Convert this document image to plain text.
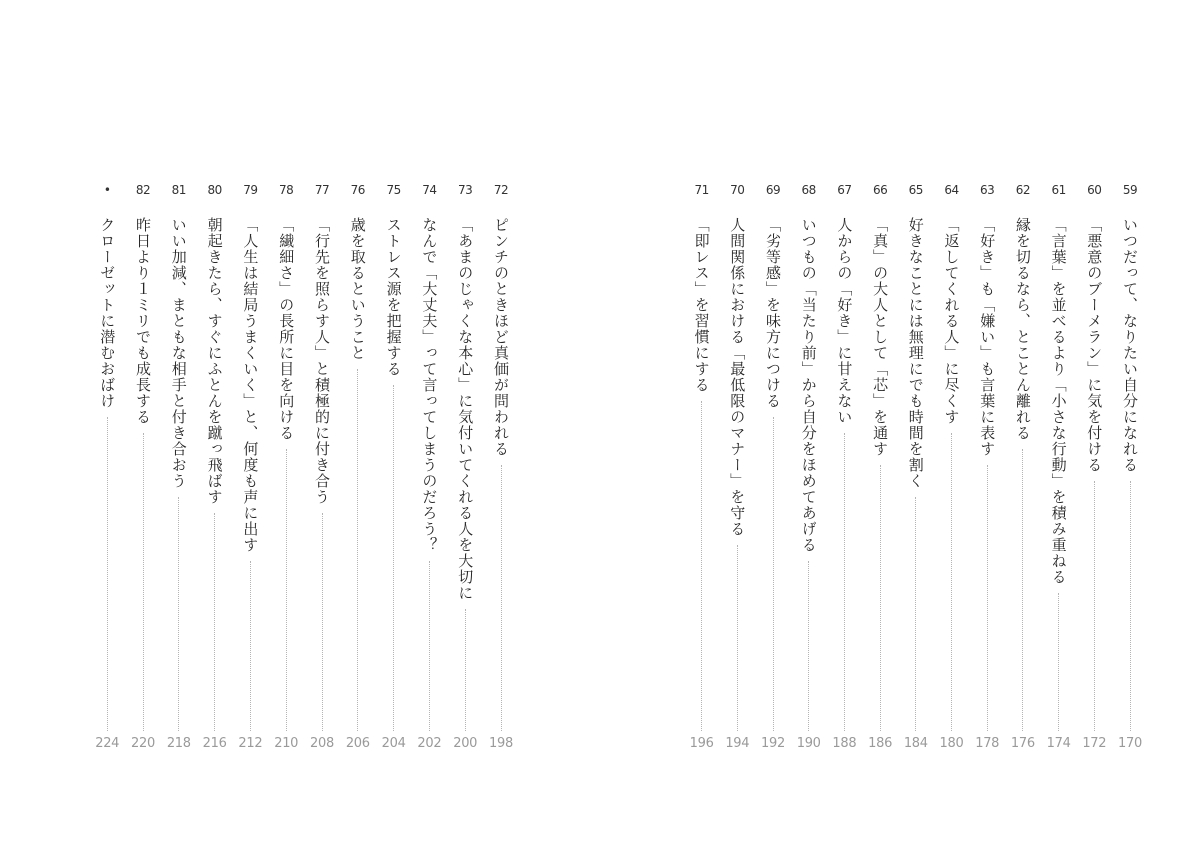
72
ピンチのときほど真価が問われる
198
73
「あまのじゃくな本心」に気付いてくれる人を大切に
200
74
なんで「大丈夫」って言ってしまうのだろう？
202
75
ストレス源を把握する
204
76
歳を取るということ
206
77
「行先を照らす人」と積極的に付き合う
208
78
「繊細さ」の長所に目を向ける
210
79
「人生は結局うまくいく」と、何度も声に出す
212
80
朝起きたら、すぐにふとんを蹴っ飛ばす
216
81
いい加減、まともな相手と付き合おう
218
82
昨日より１ミリでも成長する
220
•
クローゼットに潜むおばけ
224
59
いつだって、なりたい自分になれる
170
60
「悪意のブーメラン」に気を付ける
172
61
「言葉」を並べるより「小さな行動」を積み重ねる
174
62
縁を切るなら、とことん離れる
176
63
「好き」も「嫌い」も言葉に表す
178
64
「返してくれる人」に尽くす
180
65
好きなことには無理にでも時間を割く
184
66
「真」の大人として「芯」を通す
186
67
人からの「好き」に甘えない
188
68
いつもの「当たり前」から自分をほめてあげる
190
69
「劣等感」を味方につける
192
70
人間関係における「最低限のマナー」を守る
194
71
「即レス」を習慣にする
196
